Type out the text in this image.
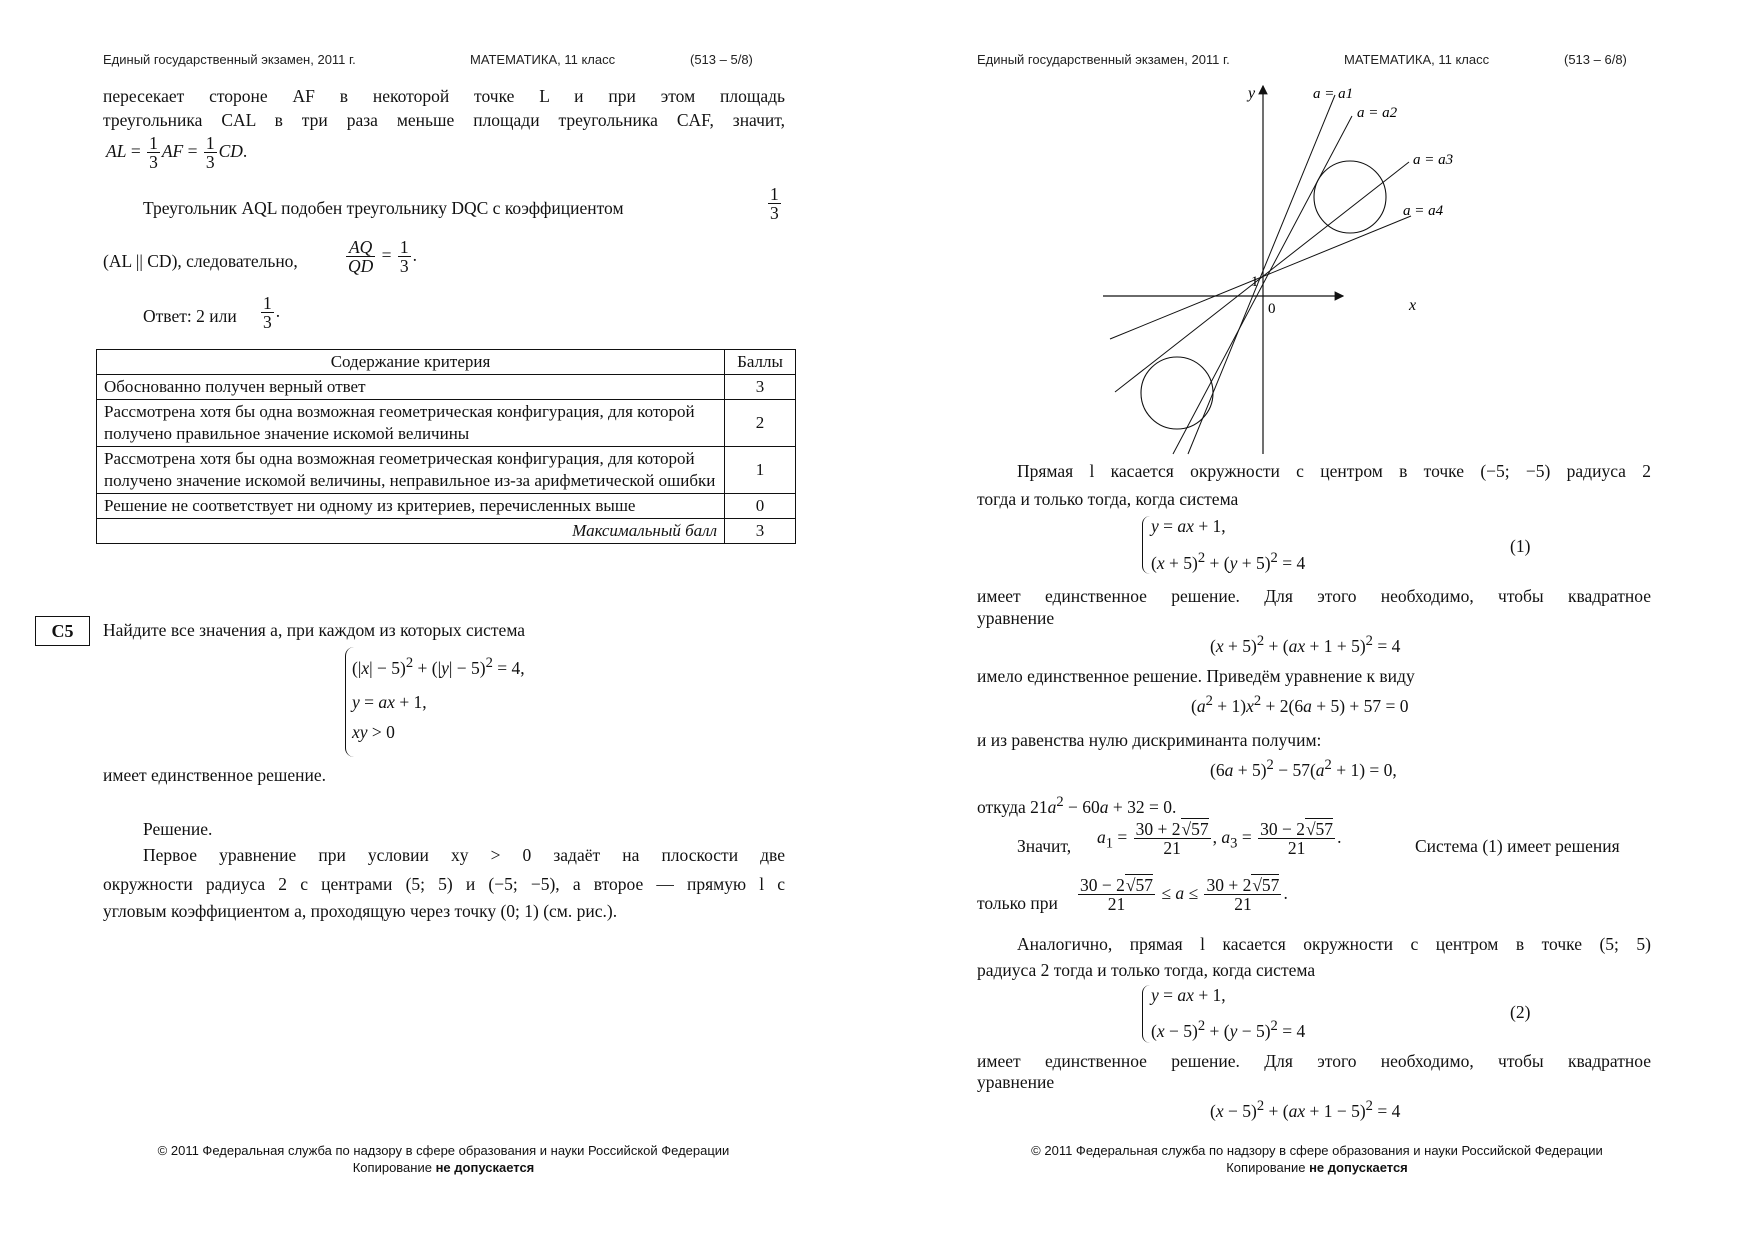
Единый государственный экзамен, 2011 г.	МАТЕМАТИКА, 11 класс	(513 – 5/8)
пересекает стороне AF в некоторой точке L и при этом площадь
треугольника CAL в три раза меньше площади треугольника CAF, значит,
AL = $\frac{1}{3}$ AF = $\frac{1}{3}$ CD.
Треугольник AQL подобен треугольнику DQC с коэффициентом	$\frac{1}{3}$
(AL || CD), следовательно,	$\frac{AQ}{QD} = \frac{1}{3}$ .
Ответ: 2 или $\frac{1}{3}$ .
Содержание критерия	Баллы
Обоснованно получен верный ответ	3
Рассмотрена хотя бы одна возможная геометрическая конфигурация, для которой получено правильное значение искомой величины	2
Рассмотрена хотя бы одна возможная геометрическая конфигурация, для которой получено значение искомой величины, неправильное из-за арифметической ошибки	1
Решение не соответствует ни одному из критериев, перечисленных выше	0
Максимальный балл	3
C5	Найдите все значения a, при каждом из которых система
$(|x| - 5)^2 + (|y| - 5)^2 = 4$,
y = ax + 1,
xy > 0
имеет единственное решение.
Решение.
Первое уравнение при условии xy > 0 задаёт на плоскости две
окружности радиуса 2 с центрами (5; 5) и (−5; −5), а второе — прямую l с
угловым коэффициентом a, проходящую через точку (0; 1) (см. рис.).
© 2011 Федеральная служба по надзору в сфере образования и науки Российской Федерации
Копирование не допускается
Единый государственный экзамен, 2011 г.	МАТЕМАТИКА, 11 класс	(513 – 6/8)
y
x
0
1
a = a1
a = a2
a = a3
a = a4
Прямая l касается окружности с центром в точке (−5; −5) радиуса 2
тогда и только тогда, когда система
y = ax + 1,
$(x + 5)^2 + (y + 5)^2 = 4$
(1)
имеет единственное решение. Для этого необходимо, чтобы квадратное
уравнение
$(x + 5)^2 + (ax + 1 + 5)^2 = 4$
имело единственное решение. Приведём уравнение к виду
$(a^2 + 1)x^2 + 2(6a + 5) + 57 = 0$
и из равенства нулю дискриминанта получим:
$(6a + 5)^2 - 57(a^2 + 1) = 0$,
откуда $21a^2 - 60a + 32 = 0$.
Значит, $a_1 = \frac{30 + 2√57}{21}$ , $a_3 = \frac{30 - 2√57}{21}$ .	Система (1) имеет решения
только при $\frac{30 - 2√57}{21} \le a \le \frac{30 + 2√57}{21}$ .
Аналогично, прямая l касается окружности с центром в точке (5; 5)
радиуса 2 тогда и только тогда, когда система
y = ax + 1,
$(x - 5)^2 + (y - 5)^2 = 4$
(2)
имеет единственное решение. Для этого необходимо, чтобы квадратное
уравнение
$(x - 5)^2 + (ax + 1 - 5)^2 = 4$
© 2011 Федеральная служба по надзору в сфере образования и науки Российской Федерации
Копирование не допускается
